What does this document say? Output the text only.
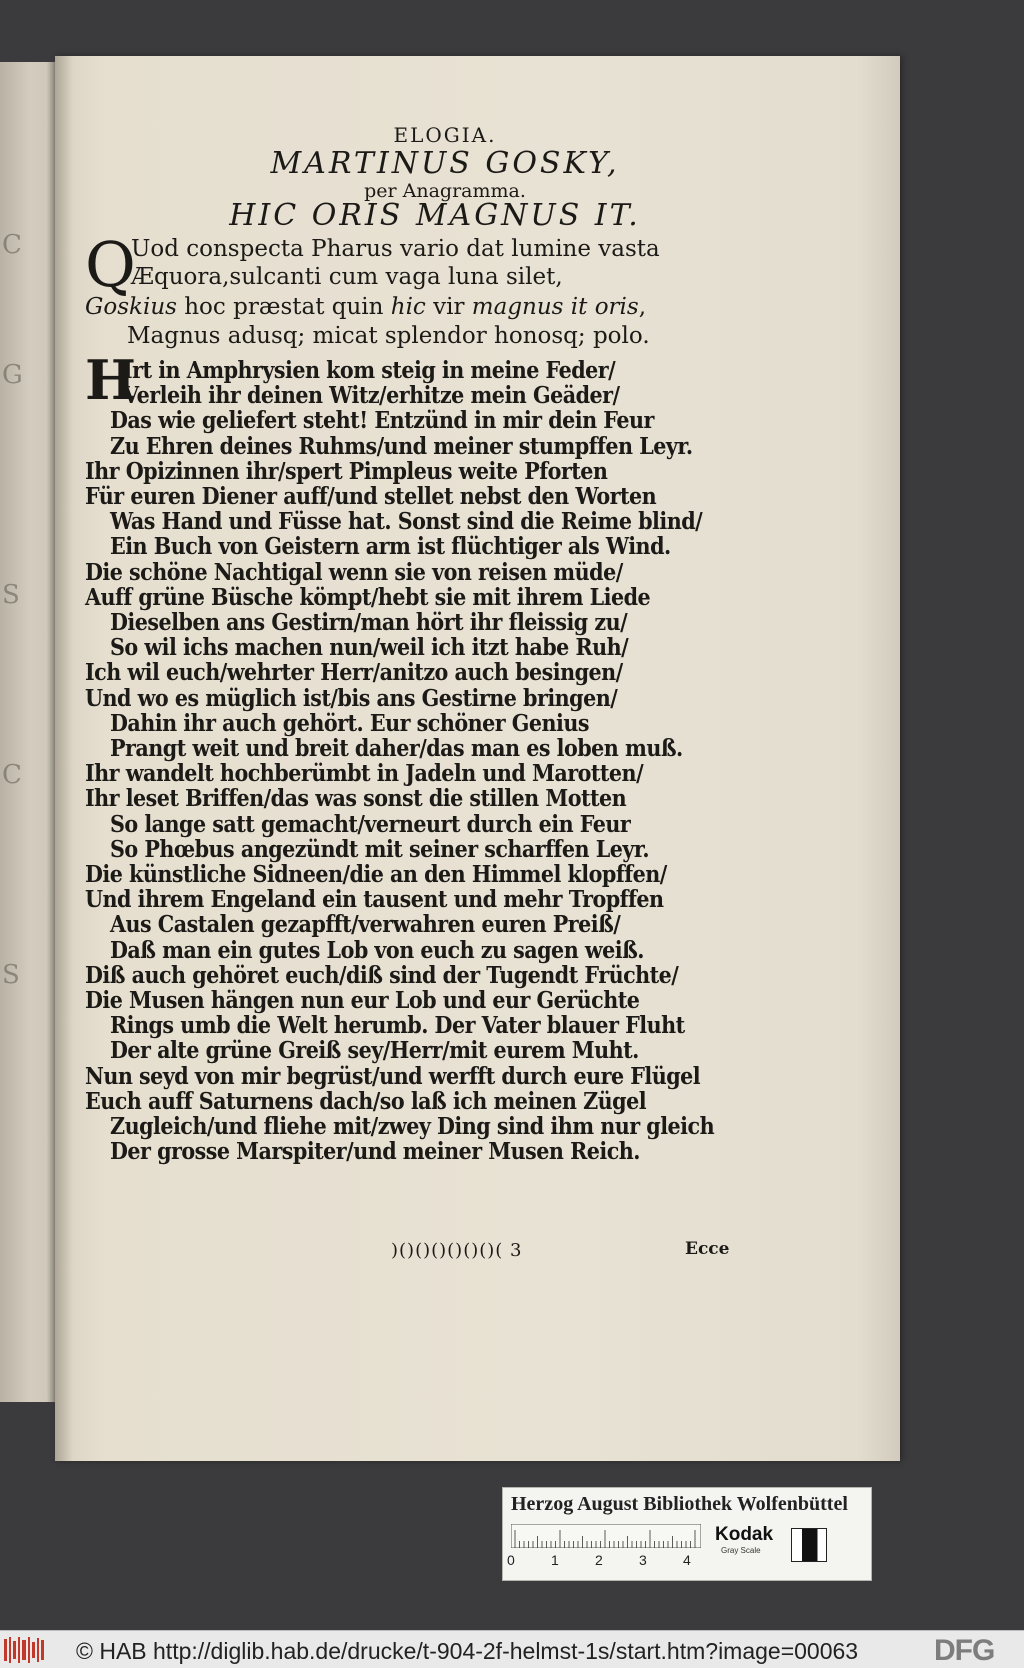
C
G
S
C
S
ELOGIA.
MARTINUS GOSKY,
per Anagramma.
HIC ORIS MAGNUS IT.
Q
Uod conspecta Pharus vario dat lumine vasta
Æquora,sulcanti cum vaga luna silet,
Goskius hoc præstat quin hic vir magnus it oris,
Magnus adusq; micat splendor honosq; polo.
H
Irt in Amphrysien kom steig in meine Feder/
Verleih ihr deinen Witz/erhitze mein Geäder/
Das wie geliefert steht! Entzünd in mir dein Feur
Zu Ehren deines Ruhms/und meiner stumpffen Leyr.
Ihr Opizinnen ihr/spert Pimpleus weite Pforten
Für euren Diener auff/und stellet nebst den Worten
Was Hand und Füsse hat. Sonst sind die Reime blind/
Ein Buch von Geistern arm ist flüchtiger als Wind.
Die schöne Nachtigal wenn sie von reisen müde/
Auff grüne Büsche kömpt/hebt sie mit ihrem Liede
Dieselben ans Gestirn/man hört ihr fleissig zu/
So wil ichs machen nun/weil ich itzt habe Ruh/
Ich wil euch/wehrter Herr/anitzo auch besingen/
Und wo es müglich ist/bis ans Gestirne bringen/
Dahin ihr auch gehört. Eur schöner Genius
Prangt weit und breit daher/das man es loben muß.
Ihr wandelt hochberümbt in Jadeln und Marotten/
Ihr leset Briffen/das was sonst die stillen Motten
So lange satt gemacht/verneurt durch ein Feur
So Phœbus angezündt mit seiner scharffen Leyr.
Die künstliche Sidneen/die an den Himmel klopffen/
Und ihrem Engeland ein tausent und mehr Tropffen
Aus Castalen gezapfft/verwahren euren Preiß/
Daß man ein gutes Lob von euch zu sagen weiß.
Diß auch gehöret euch/diß sind der Tugendt Früchte/
Die Musen hängen nun eur Lob und eur Gerüchte
Rings umb die Welt herumb. Der Vater blauer Fluht
Der alte grüne Greiß sey/Herr/mit eurem Muht.
Nun seyd von mir begrüst/und werfft durch eure Flügel
Euch auff Saturnens dach/so laß ich meinen Zügel
Zugleich/und fliehe mit/zwey Ding sind ihm nur gleich
Der grosse Marspiter/und meiner Musen Reich.
)()()()()()()( 3	Ecce
Herzog August Bibliothek Wolfenbüttel
0	1	2	3	4
Kodak
Gray Scale
© HAB http://diglib.hab.de/drucke/t-904-2f-helmst-1s/start.htm?image=00063	DFG
